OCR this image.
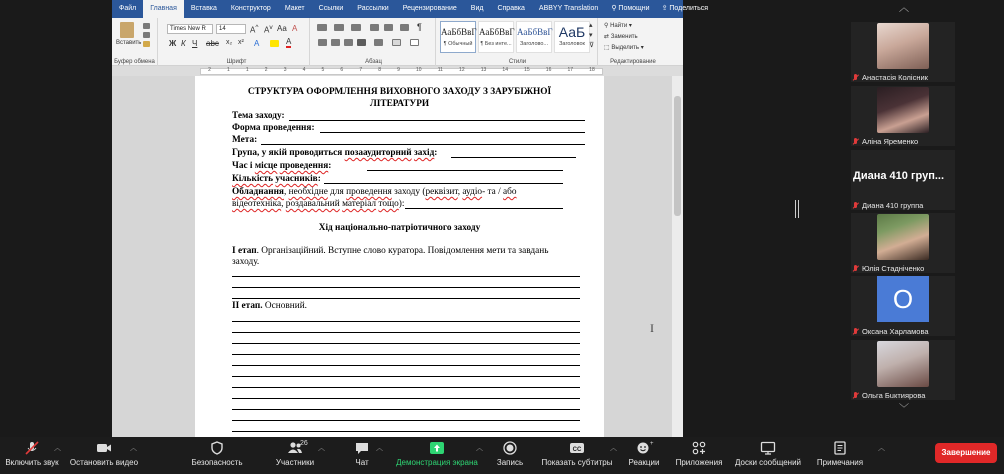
Файл	Главная	Вставка	Конструктор	Макет	Ссылки	Рассылки	Рецензирование	Вид	Справка	ABBYY Translation	⚲ Помощни	⇪ Поделиться
Вставить
Буфер обмена
Times New R	14	A^ $A^v$ Aa A
Ж К Ч abc x₂ x² A	A
Шрифт
¶
Абзац
АаБбВвГ
¶ Обычный
АаБбВвГ
¶ Без инте...
АаБбВвГ
Заголово...
АаБ
Заголовок
▴
▾
⊽
Стили
⚲ Найти ▾
⇄ Заменить
⬚ Выделить ▾
Редактирование
2	1	1	2	3	4	5	6	7	8	9	10	11	12	13	14	15	16	17	18
СТРУКТУРА ОФОРМЛЕННЯ ВИХОВНОГО ЗАХОДУ З ЗАРУБІЖНОЇ
ЛІТЕРАТУРИ
Тема заходу:
Форма проведення:
Мета:
Група, у якій проводиться позааудиторний захід:
Час і місце проведення:
Кількість учасників:
Обладнання, необхідне для проведення заходу (реквізит, аудіо- та / або
відеотехніка, роздавальний матеріал тощо):
Хід національно-патріотичного заходу
І етап. Організаційний. Вступне слово куратора. Повідомлення мети та завдань
заходу.
ІІ етап. Основний.
I
︿
Анастасія Колісник
Аліна Яременко
Диана 410 груп...
Диана 410 группа
Юлія Стадніченко
O
Оксана Харламова
Ольга Бuктиярова
﹀
Включить звук
︿
Остановить видео
︿
Безопасность
26
Участники
︿
Чат
︿
Демонстрация экрана
︿
Запись
CC
Показать субтитры
︿
+
Реакции	Приложения Доски сообщений	Примечания
︿	Завершение
